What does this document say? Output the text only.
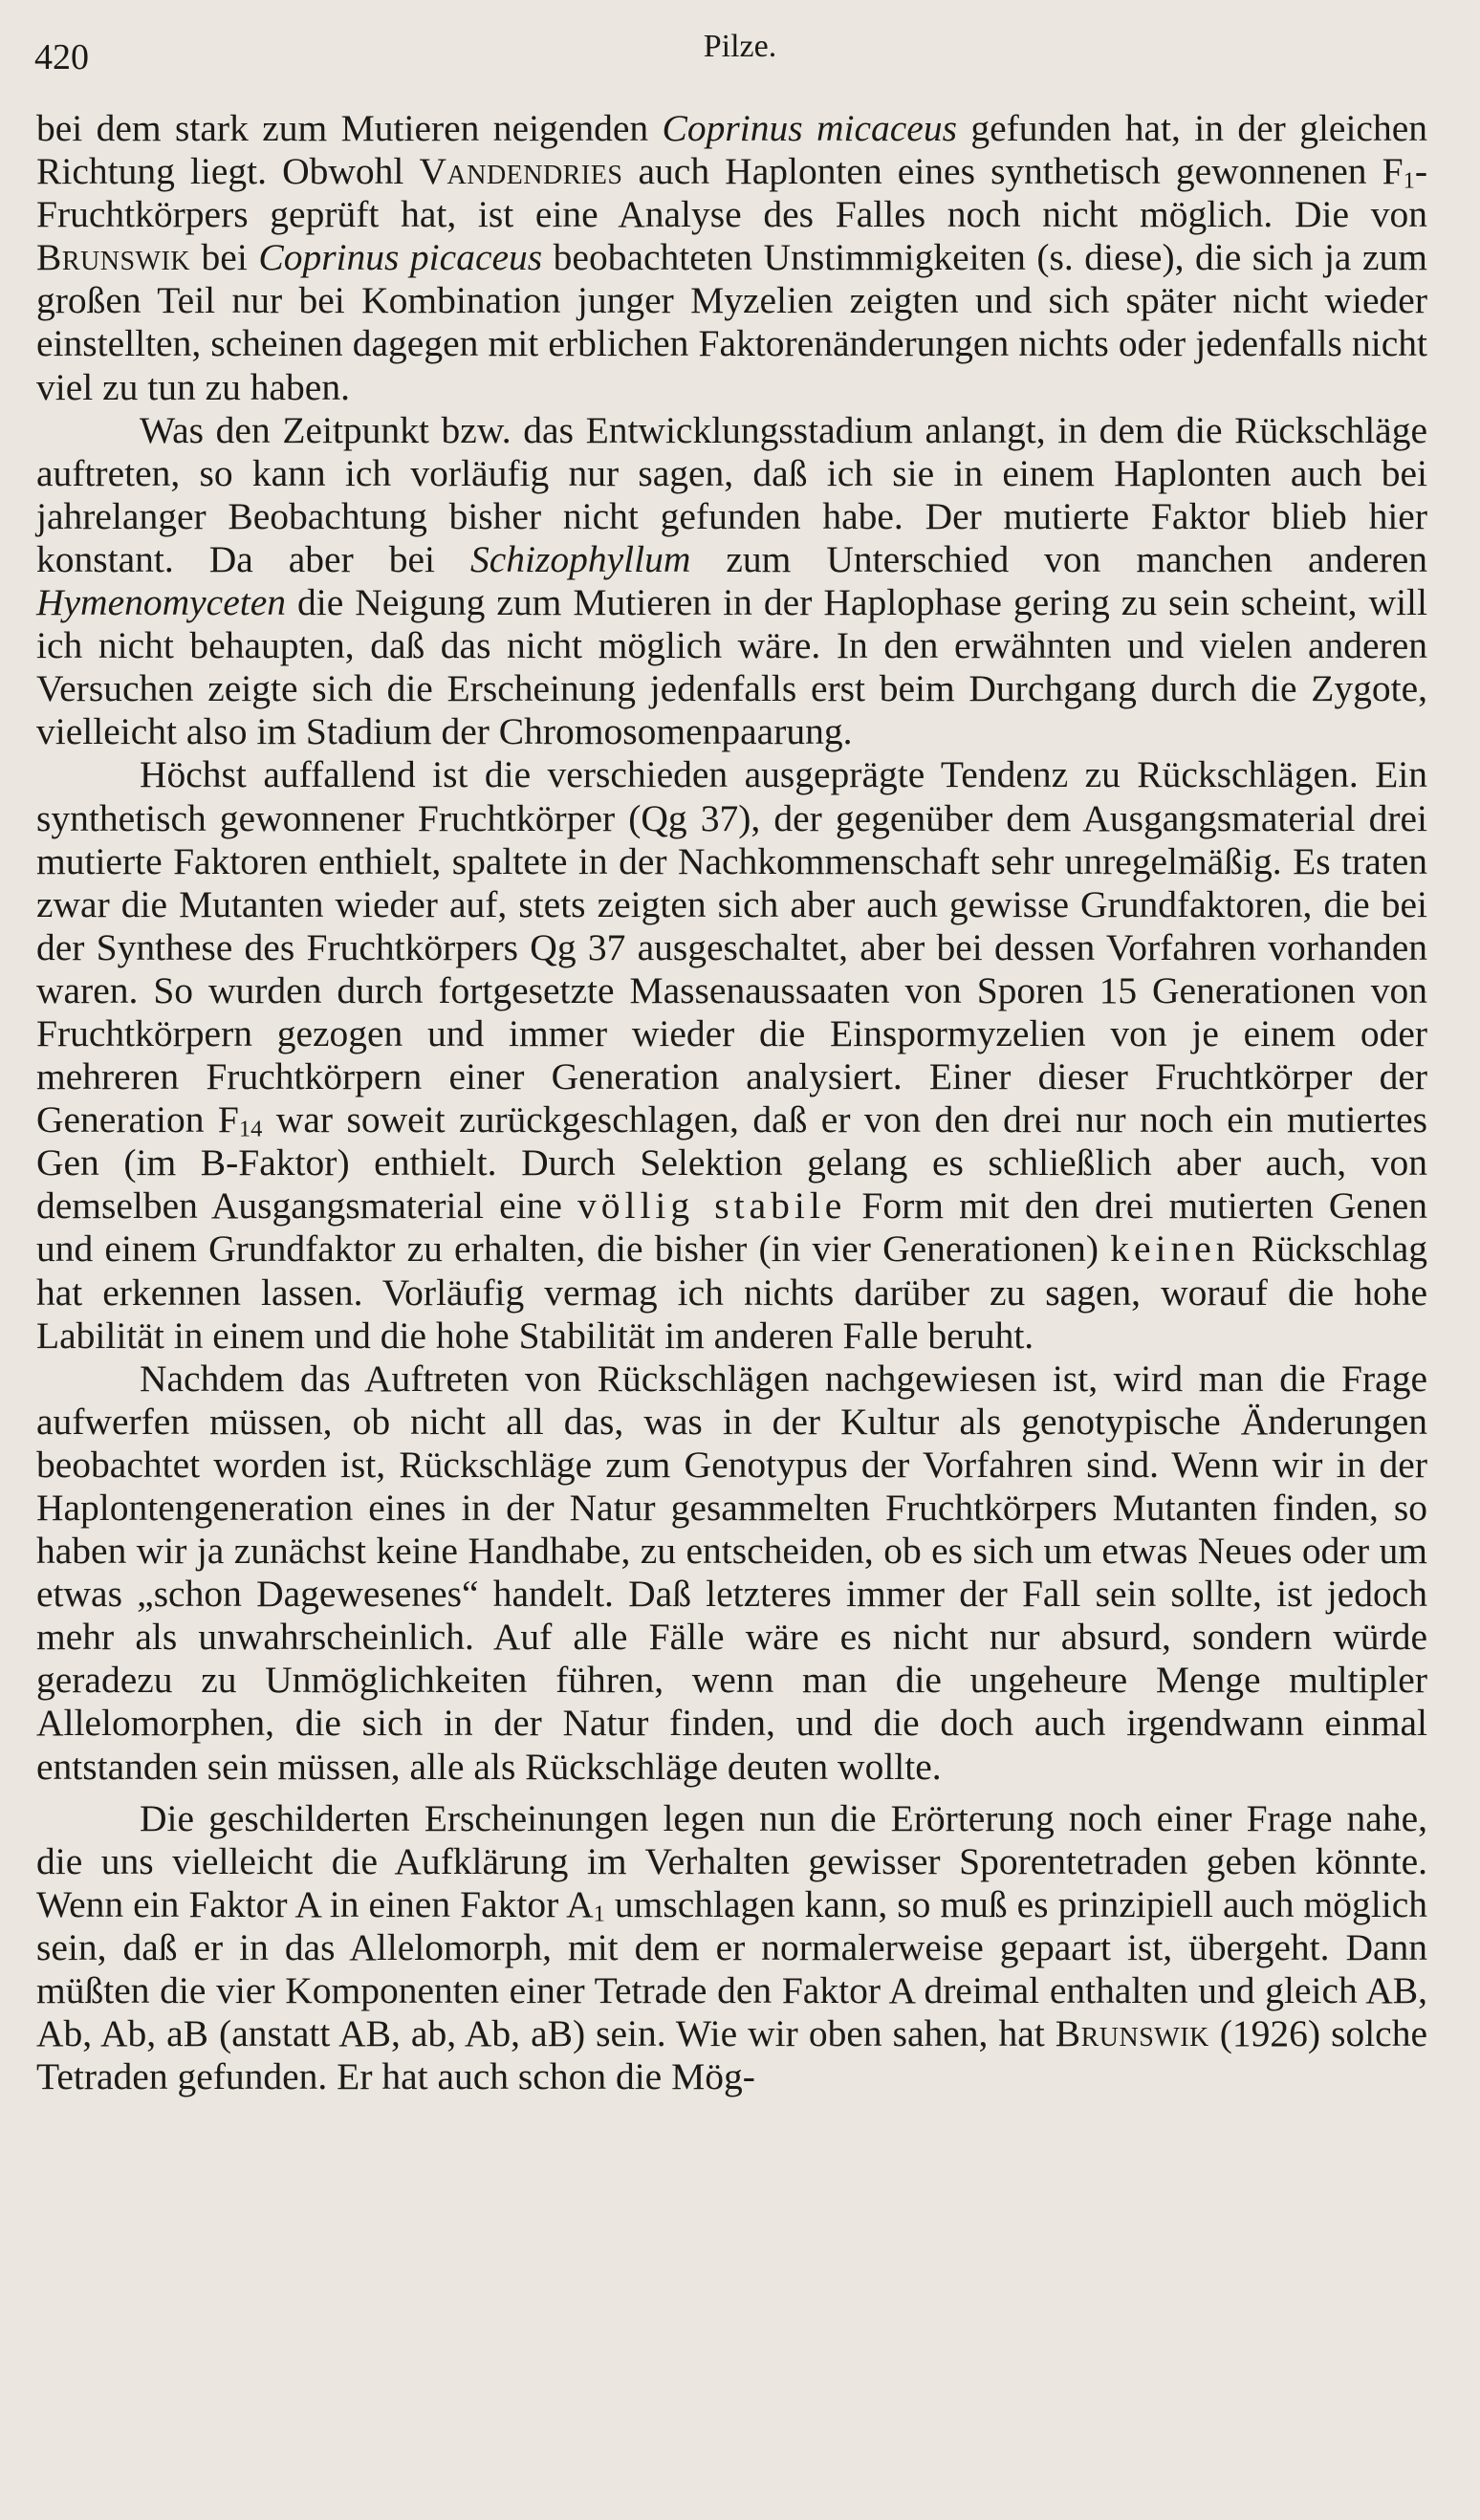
420	Pilze.

bei dem stark zum Mutieren neigenden Coprinus micaceus gefunden hat, in der gleichen Richtung liegt. Obwohl Vandendries auch Haplonten eines synthetisch gewonnenen $F_1$-Fruchtkörpers geprüft hat, ist eine Analyse des Falles noch nicht möglich. Die von Brunswik bei Coprinus picaceus beobachteten Unstimmigkeiten (s. diese), die sich ja zum großen Teil nur bei Kombination junger Myzelien zeigten und sich später nicht wieder einstellten, scheinen dagegen mit erblichen Faktorenänderungen nichts oder jedenfalls nicht viel zu tun zu haben.

Was den Zeitpunkt bzw. das Entwicklungsstadium anlangt, in dem die Rückschläge auftreten, so kann ich vorläufig nur sagen, daß ich sie in einem Haplonten auch bei jahrelanger Beobachtung bisher nicht gefunden habe. Der mutierte Faktor blieb hier konstant. Da aber bei Schizophyllum zum Unterschied von manchen anderen Hymenomyceten die Neigung zum Mutieren in der Haplophase gering zu sein scheint, will ich nicht behaupten, daß das nicht möglich wäre. In den erwähnten und vielen anderen Versuchen zeigte sich die Erscheinung jedenfalls erst beim Durchgang durch die Zygote, vielleicht also im Stadium der Chromosomenpaarung.

Höchst auffallend ist die verschieden ausgeprägte Tendenz zu Rückschlägen. Ein synthetisch gewonnener Fruchtkörper (Qg 37), der gegenüber dem Ausgangsmaterial drei mutierte Faktoren enthielt, spaltete in der Nachkommenschaft sehr unregelmäßig. Es traten zwar die Mutanten wieder auf, stets zeigten sich aber auch gewisse Grundfaktoren, die bei der Synthese des Fruchtkörpers Qg 37 ausgeschaltet, aber bei dessen Vorfahren vorhanden waren. So wurden durch fortgesetzte Massenaussaaten von Sporen 15 Generationen von Fruchtkörpern gezogen und immer wieder die Einspormyzelien von je einem oder mehreren Fruchtkörpern einer Generation analysiert. Einer dieser Fruchtkörper der Generation $F_{14}$ war soweit zurückgeschlagen, daß er von den drei nur noch ein mutiertes Gen (im B-Faktor) enthielt. Durch Selektion gelang es schließlich aber auch, von demselben Ausgangsmaterial eine völlig stabile Form mit den drei mutierten Genen und einem Grundfaktor zu erhalten, die bisher (in vier Generationen) keinen Rückschlag hat erkennen lassen. Vorläufig vermag ich nichts darüber zu sagen, worauf die hohe Labilität in einem und die hohe Stabilität im anderen Falle beruht.

Nachdem das Auftreten von Rückschlägen nachgewiesen ist, wird man die Frage aufwerfen müssen, ob nicht all das, was in der Kultur als genotypische Änderungen beobachtet worden ist, Rückschläge zum Genotypus der Vorfahren sind. Wenn wir in der Haplontengeneration eines in der Natur gesammelten Fruchtkörpers Mutanten finden, so haben wir ja zunächst keine Handhabe, zu entscheiden, ob es sich um etwas Neues oder um etwas „schon Dagewesenes“ handelt. Daß letzteres immer der Fall sein sollte, ist jedoch mehr als unwahrscheinlich. Auf alle Fälle wäre es nicht nur absurd, sondern würde geradezu zu Unmöglichkeiten führen, wenn man die ungeheure Menge multipler Allelomorphen, die sich in der Natur finden, und die doch auch irgendwann einmal entstanden sein müssen, alle als Rückschläge deuten wollte.

Die geschilderten Erscheinungen legen nun die Erörterung noch einer Frage nahe, die uns vielleicht die Aufklärung im Verhalten gewisser Sporentetraden geben könnte. Wenn ein Faktor A in einen Faktor $A_1$ umschlagen kann, so muß es prinzipiell auch möglich sein, daß er in das Allelomorph, mit dem er normalerweise gepaart ist, übergeht. Dann müßten die vier Komponenten einer Tetrade den Faktor A dreimal enthalten und gleich AB, Ab, Ab, aB (anstatt AB, ab, Ab, aB) sein. Wie wir oben sahen, hat Brunswik (1926) solche Tetraden gefunden. Er hat auch schon die Mög-
